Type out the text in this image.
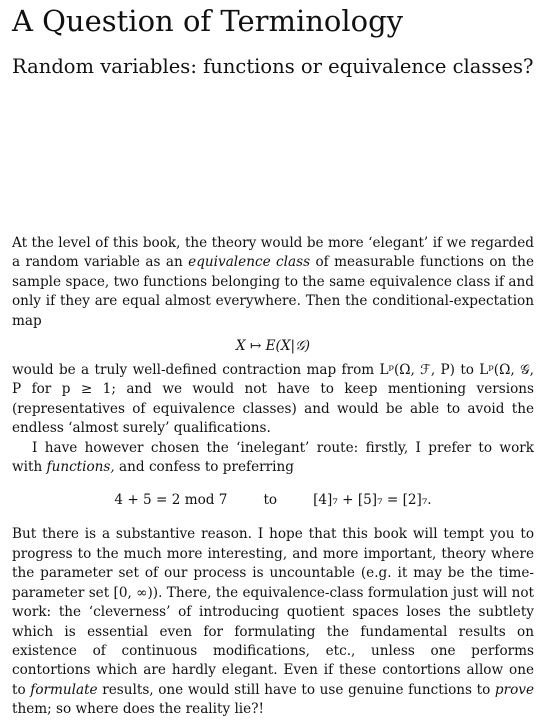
A Question of Terminology
Random variables: functions or equivalence classes?

At the level of this book, the theory would be more ‘elegant’ if we regarded a random variable as an equivalence class of measurable functions on the sample space, two functions belonging to the same equivalence class if and only if they are equal almost everywhere. Then the conditional-expectation map

X ↦ E(X|𝒢)

would be a truly well-defined contraction map from Lᵖ(Ω, ℱ, P) to Lᵖ(Ω, 𝒢, P for p ≥ 1; and we would not have to keep mentioning versions (representatives of equivalence classes) and would be able to avoid the endless ‘almost surely’ qualifications.

I have however chosen the ‘inelegant’ route: firstly, I prefer to work with functions, and confess to preferring

4 + 5 = 2 mod 7	to	[4]₇ + [5]₇ = [2]₇.

But there is a substantive reason. I hope that this book will tempt you to progress to the much more interesting, and more important, theory where the parameter set of our process is uncountable (e.g. it may be the time-parameter set [0, ∞)). There, the equivalence-class formulation just will not work: the ‘cleverness’ of introducing quotient spaces loses the subtlety which is essential even for formulating the fundamental results on existence of continuous modifications, etc., unless one performs contortions which are hardly elegant. Even if these contortions allow one to formulate results, one would still have to use genuine functions to prove them; so where does the reality lie?!
